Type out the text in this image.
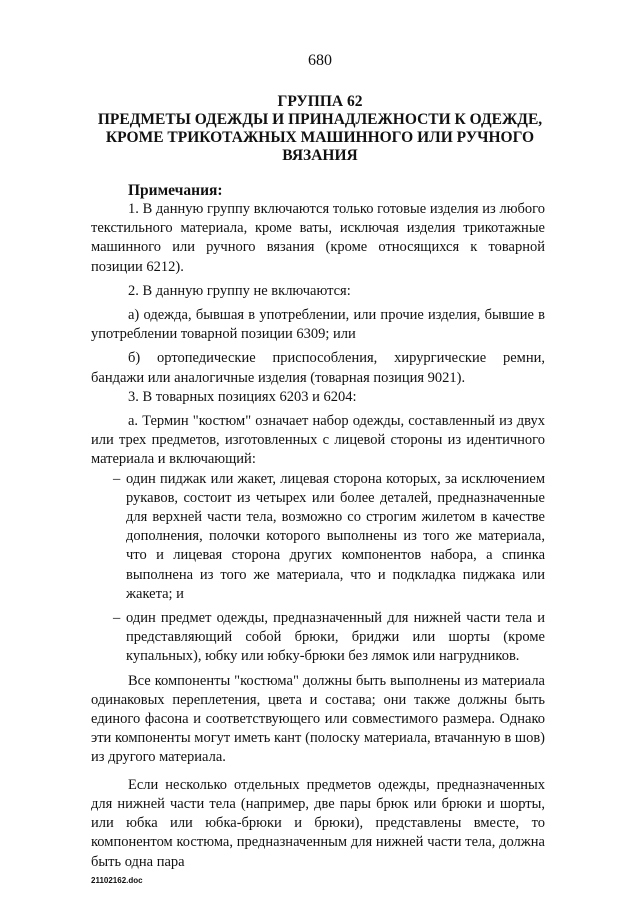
680
ГРУППА 62
ПРЕДМЕТЫ ОДЕЖДЫ И ПРИНАДЛЕЖНОСТИ К ОДЕЖДЕ,
КРОМЕ ТРИКОТАЖНЫХ МАШИННОГО ИЛИ РУЧНОГО
ВЯЗАНИЯ
Примечания:

1. В данную группу включаются только готовые изделия из любого текстильного материала, кроме ваты, исключая изделия трикотажные машинного или ручного вязания (кроме относящихся к товарной позиции 6212).

2. В данную группу не включаются:

а) одежда, бывшая в употреблении, или прочие изделия, бывшие в употреблении товарной позиции 6309; или

б) ортопедические приспособления, хирургические ремни, бандажи или аналогичные изделия (товарная позиция 9021).

3. В товарных позициях 6203 и 6204:

а. Термин "костюм" означает набор одежды, составленный из двух или трех предметов, изготовленных с лицевой стороны из идентичного материала и включающий:

– один пиджак или жакет, лицевая сторона которых, за исключением рукавов, состоит из четырех или более деталей, предназначенные для верхней части тела, возможно со строгим жилетом в качестве дополнения, полочки которого выполнены из того же материала, что и лицевая сторона других компонентов набора, а спинка выполнена из того же материала, что и подкладка пиджака или жакета; и
– один предмет одежды, предназначенный для нижней части тела и представляющий собой брюки, бриджи или шорты (кроме купальных), юбку или юбку-брюки без лямок или нагрудников.

Все компоненты "костюма" должны быть выполнены из материала одинаковых переплетения, цвета и состава; они также должны быть единого фасона и соответствующего или совместимого размера. Однако эти компоненты могут иметь кант (полоску материала, втачанную в шов) из другого материала.

Если несколько отдельных предметов одежды, предназначенных для нижней части тела (например, две пары брюк или брюки и шорты, или юбка или юбка-брюки и брюки), представлены вместе, то компонентом костюма, предназначенным для нижней части тела, должна быть одна пара

21102162.doc
